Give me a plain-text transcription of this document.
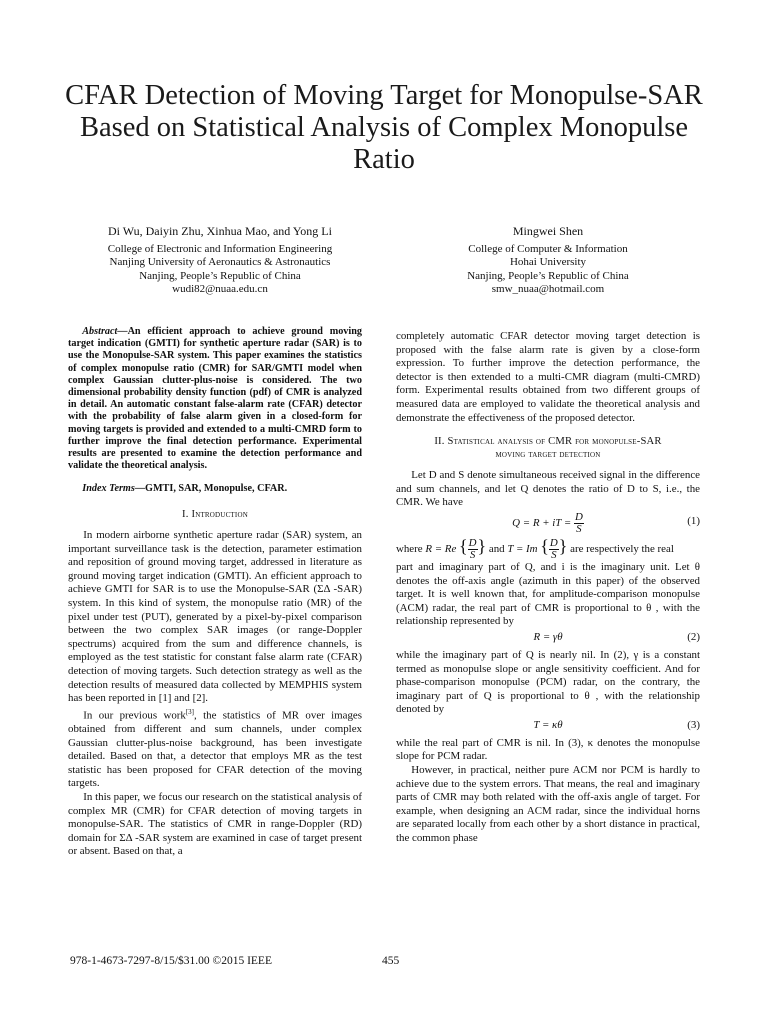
CFAR Detection of Moving Target for Monopulse-SAR Based on Statistical Analysis of Complex Monopulse Ratio
Di Wu, Daiyin Zhu, Xinhua Mao, and Yong Li
College of Electronic and Information Engineering
Nanjing University of Aeronautics & Astronautics
Nanjing, People’s Republic of China
wudi82@nuaa.edu.cn
Mingwei Shen
College of Computer & Information
Hohai University
Nanjing, People’s Republic of China
smw_nuaa@hotmail.com

Abstract—An efficient approach to achieve ground moving target indication (GMTI) for synthetic aperture radar (SAR) is to use the Monopulse-SAR system. This paper examines the statistics of complex monopulse ratio (CMR) for SAR/GMTI model when complex Gaussian clutter-plus-noise is considered. The two dimensional probability density function (pdf) of CMR is analyzed in detail. An automatic constant false-alarm rate (CFAR) detector with the probability of false alarm given in a closed-form for moving targets is provided and extended to a multi-CMRD form to further improve the final detection performance. Experimental results are presented to examine the detection performance and validate the theoretical analysis.

Index Terms—GMTI, SAR, Monopulse, CFAR.

I. Introduction

In modern airborne synthetic aperture radar (SAR) system, an important surveillance task is the detection, parameter estimation and reposition of ground moving target, addressed in literature as ground moving target indication (GMTI). An efficient approach to achieve GMTI for SAR is to use the Monopulse-SAR (ΣΔ -SAR) system. In this kind of system, the monopulse ratio (MR) of the pixel under test (PUT), generated by a pixel-by-pixel comparison between the two complex SAR images (or range-Doppler spectrums) acquired from the sum and difference channels, is employed as the test statistic for constant false alarm rate (CFAR) detection of moving targets. Such detection strategy as well as the detection results of measured data collected by MEMPHIS system has been reported in [1] and [2].

In our previous work[3], the statistics of MR over images obtained from different and sum channels, under complex Gaussian clutter-plus-noise background, has been investigate detailed. Based on that, a detector that employs MR as the test statistic has been proposed for CFAR detection of the moving targets.

In this paper, we focus our research on the statistical analysis of complex MR (CMR) for CFAR detection of moving targets in monopulse-SAR. The statistics of CMR in range-Doppler (RD) domain for ΣΔ -SAR system are examined in case of target present or absent. Based on that, a

completely automatic CFAR detector moving target detection is proposed with the false alarm rate is given by a close-form expression. To further improve the detection performance, the detector is then extended to a multi-CMR diagram (multi-CMRD) form. Experimental results obtained from two different groups of measured data are employed to validate the theoretical analysis and demonstrate the effectiveness of the proposed detector.

II. Statistical analysis of CMR for monopulse-SAR
moving target detection

Let D and S denote simultaneous received signal in the difference and sum channels, and let Q denotes the ratio of D to S, i.e., the CMR. We have

Q = R + iT = $\frac{D}{S}$	(1)

where R = Re { $\frac{D}{S}$ } and T = Im { $\frac{D}{S}$ } are respectively the real

part and imaginary part of Q, and i is the imaginary unit. Let θ denotes the off-axis angle (azimuth in this paper) of the observed target. It is well known that, for amplitude-comparison monopulse (ACM) radar, the real part of CMR is proportional to θ , with the relationship represented by

R = γθ	(2)

while the imaginary part of Q is nearly nil. In (2), γ is a constant termed as monopulse slope or angle sensitivity coefficient. And for phase-comparison monopulse (PCM) radar, on the contrary, the imaginary part of Q is proportional to θ , with the relationship denoted by

T = κθ	(3)

while the real part of CMR is nil. In (3), κ denotes the monopulse slope for PCM radar.

However, in practical, neither pure ACM nor PCM is hardly to achieve due to the system errors. That means, the real and imaginary parts of CMR may both related with the off-axis angle of target. For example, when designing an ACM radar, since the individual horns are separated locally from each other by a short distance in practical, the common phase

978-1-4673-7297-8/15/$31.00 ©2015 IEEE	455
